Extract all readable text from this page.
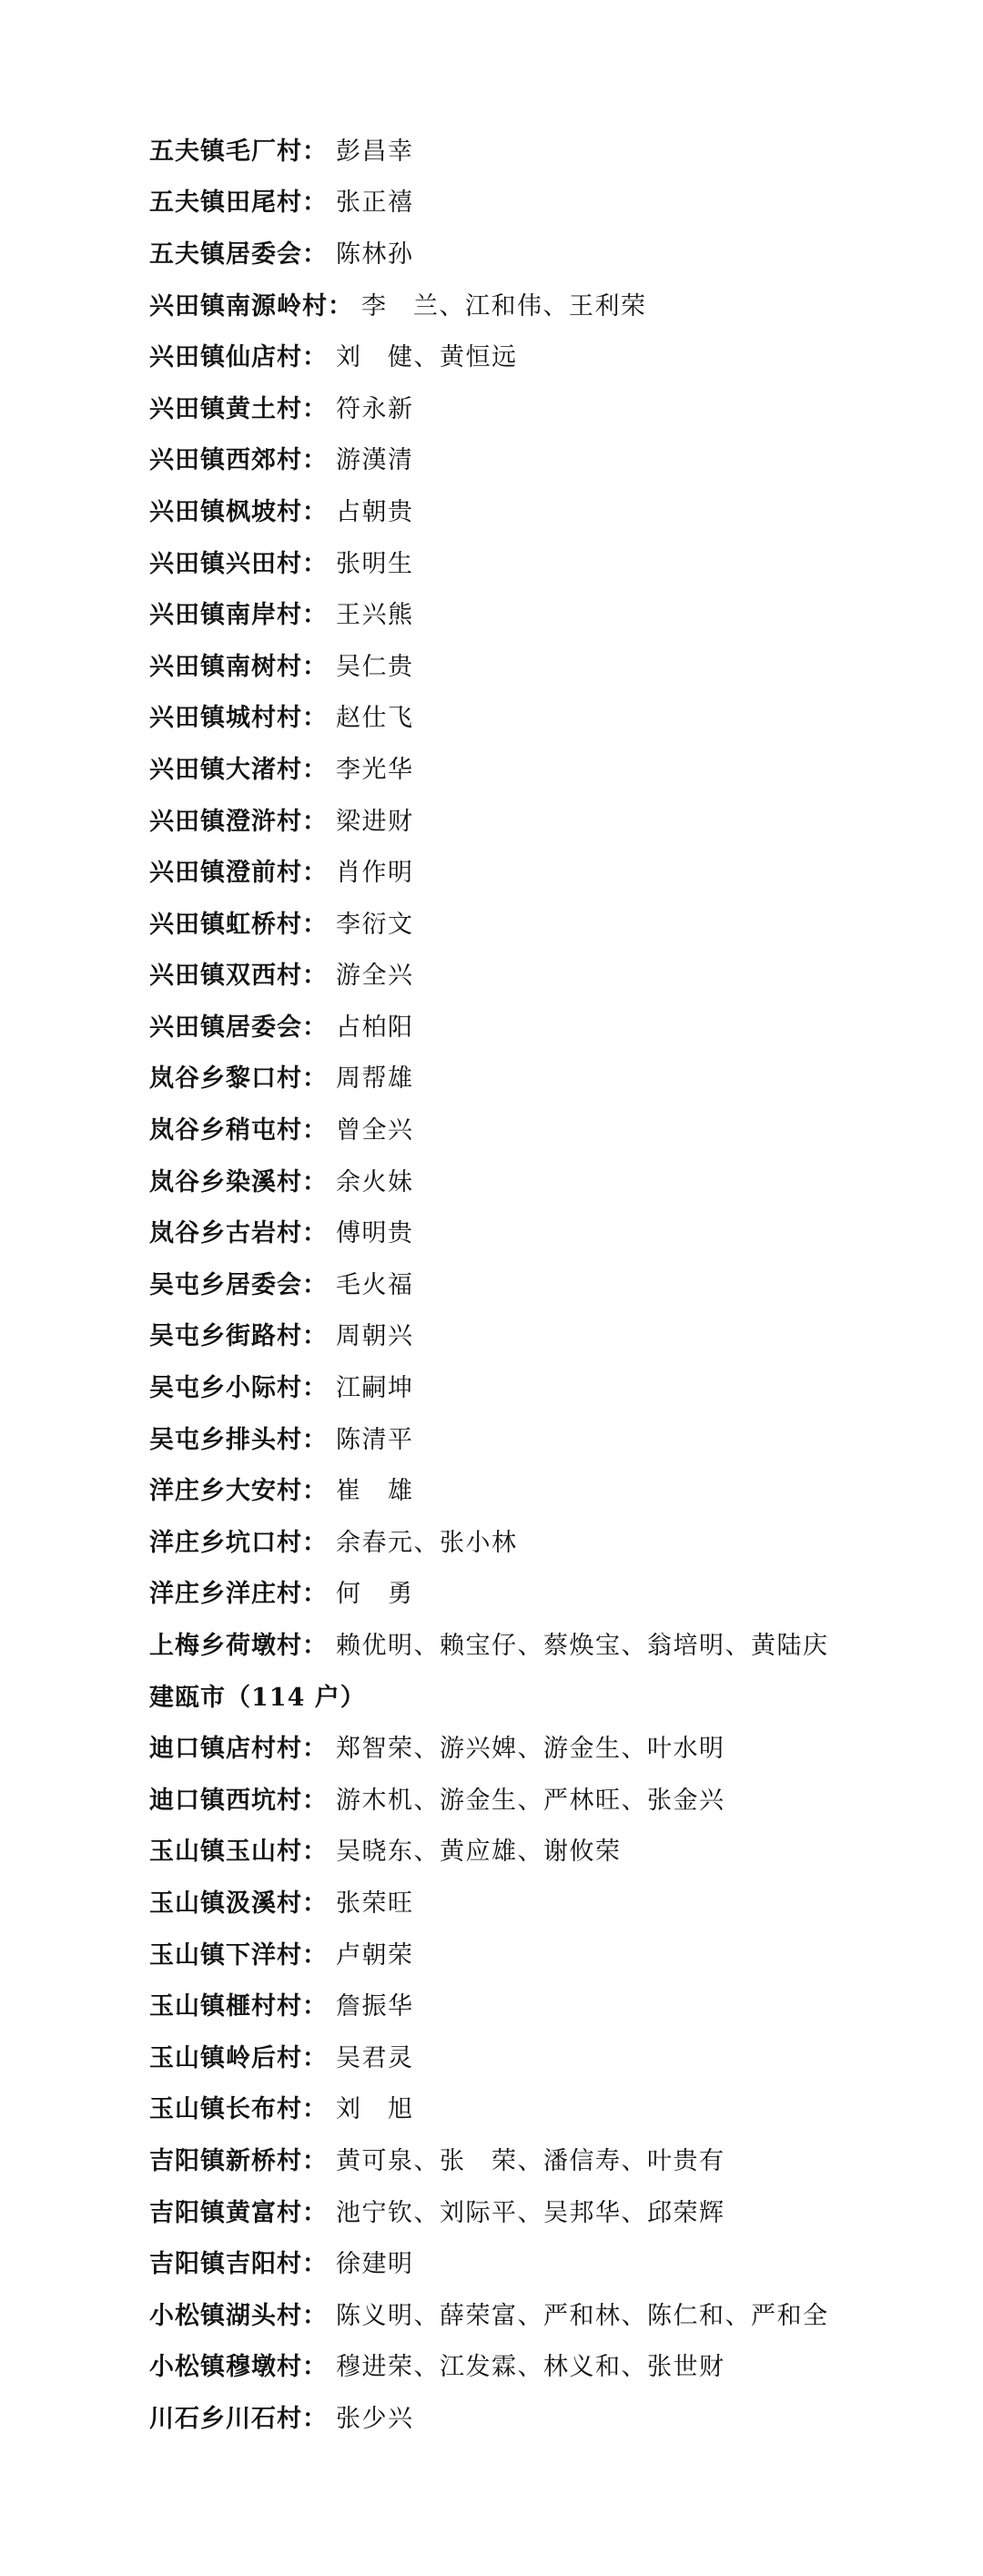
五夫镇毛厂村 ： 彭昌幸
五夫镇田尾村 ： 张正禧
五夫镇居委会 ： 陈林孙
兴田镇南源岭村 ： 李　兰、江和伟、王利荣
兴田镇仙店村 ： 刘　健、黄恒远
兴田镇黄土村 ： 符永新
兴田镇西郊村 ： 游漢清
兴田镇枫坡村 ： 占朝贵
兴田镇兴田村 ： 张明生
兴田镇南岸村 ： 王兴熊
兴田镇南树村 ： 吴仁贵
兴田镇城村村 ： 赵仕飞
兴田镇大渚村 ： 李光华
兴田镇澄浒村 ： 梁进财
兴田镇澄前村 ： 肖作明
兴田镇虹桥村 ： 李衍文
兴田镇双西村 ： 游全兴
兴田镇居委会 ： 占柏阳
岚谷乡黎口村 ： 周帮雄
岚谷乡稍屯村 ： 曾全兴
岚谷乡染溪村 ： 余火妹
岚谷乡古岩村 ： 傅明贵
吴屯乡居委会 ： 毛火福
吴屯乡街路村 ： 周朝兴
吴屯乡小际村 ： 江嗣坤
吴屯乡排头村 ： 陈清平
洋庄乡大安村 ： 崔　雄
洋庄乡坑口村 ： 余春元、张小林
洋庄乡洋庄村 ： 何　勇
上梅乡荷墩村 ： 赖优明、赖宝仔、蔡焕宝、翁培明、黄陆庆
建瓯市（114 户）
迪口镇店村村 ： 郑智荣、游兴婢、游金生、叶水明
迪口镇西坑村 ： 游木机、游金生、严林旺、张金兴
玉山镇玉山村 ： 吴晓东、黄应雄、谢攸荣
玉山镇汲溪村 ： 张荣旺
玉山镇下洋村 ： 卢朝荣
玉山镇榧村村 ： 詹振华
玉山镇岭后村 ： 吴君灵
玉山镇长布村 ： 刘　旭
吉阳镇新桥村 ： 黄可泉、张　荣、潘信寿、叶贵有
吉阳镇黄富村 ： 池宁钦、刘际平、吴邦华、邱荣辉
吉阳镇吉阳村 ： 徐建明
小松镇湖头村 ： 陈义明、薛荣富、严和林、陈仁和、严和全
小松镇穆墩村 ： 穆进荣、江发霖、林义和、张世财
川石乡川石村 ： 张少兴
